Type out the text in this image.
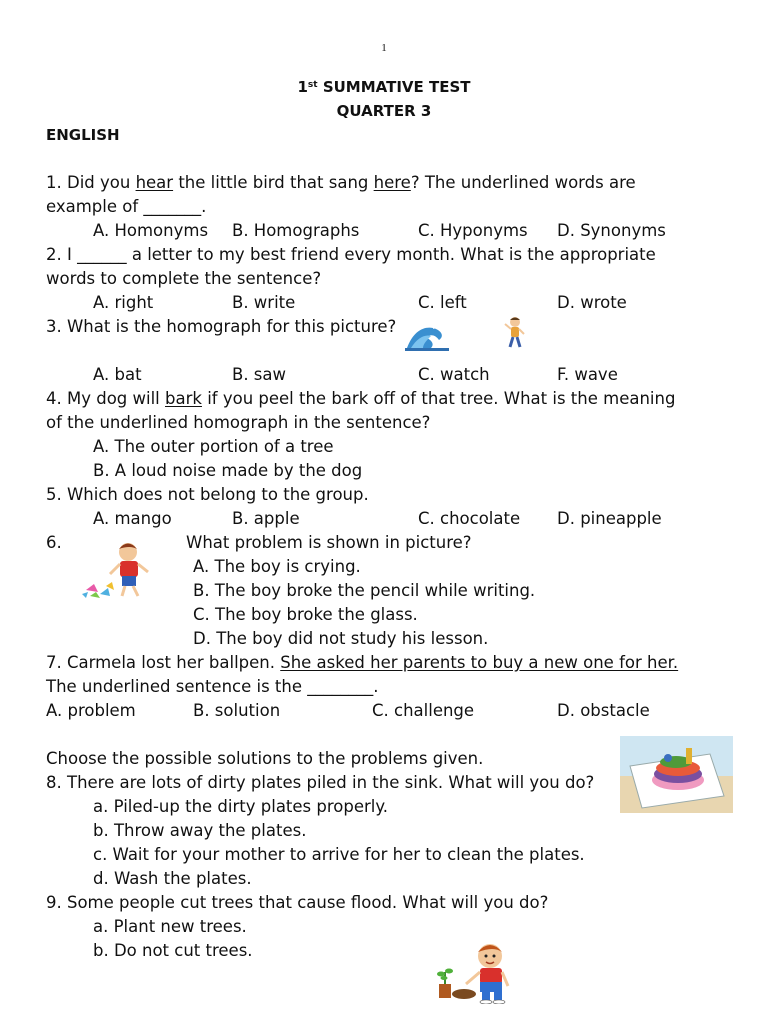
1
1st SUMMATIVE TEST
QUARTER 3
ENGLISH
1. Did you hear the little bird that sang here? The underlined words are
example of _______.
A. Homonyms B. Homographs	C. Hyponyms D. Synonyms
2. I ______ a letter to my best friend every month. What is the appropriate
words to complete the sentence?
A. right	B. write	C. left	D. wrote
3. What is the homograph for this picture?
A. bat	B. saw	C. watch	F. wave
4. My dog will bark if you peel the bark off of that tree. What is the meaning
of the underlined homograph in the sentence?
A. The outer portion of a tree
B. A loud noise made by the dog
5. Which does not belong to the group.
A. mango	B. apple	C. chocolate D. pineapple
6.	What problem is shown in picture?
A. The boy is crying.
B. The boy broke the pencil while writing.
C. The boy broke the glass.
D. The boy did not study his lesson.
7. Carmela lost her ballpen. She asked her parents to buy a new one for her.
The underlined sentence is the ________.
A. problem	B. solution	C. challenge	D. obstacle
Choose the possible solutions to the problems given.
8. There are lots of dirty plates piled in the sink. What will you do?
a. Piled-up the dirty plates properly.
b. Throw away the plates.
c. Wait for your mother to arrive for her to clean the plates.
d. Wash the plates.
9. Some people cut trees that cause flood. What will you do?
a. Plant new trees.
b. Do not cut trees.
